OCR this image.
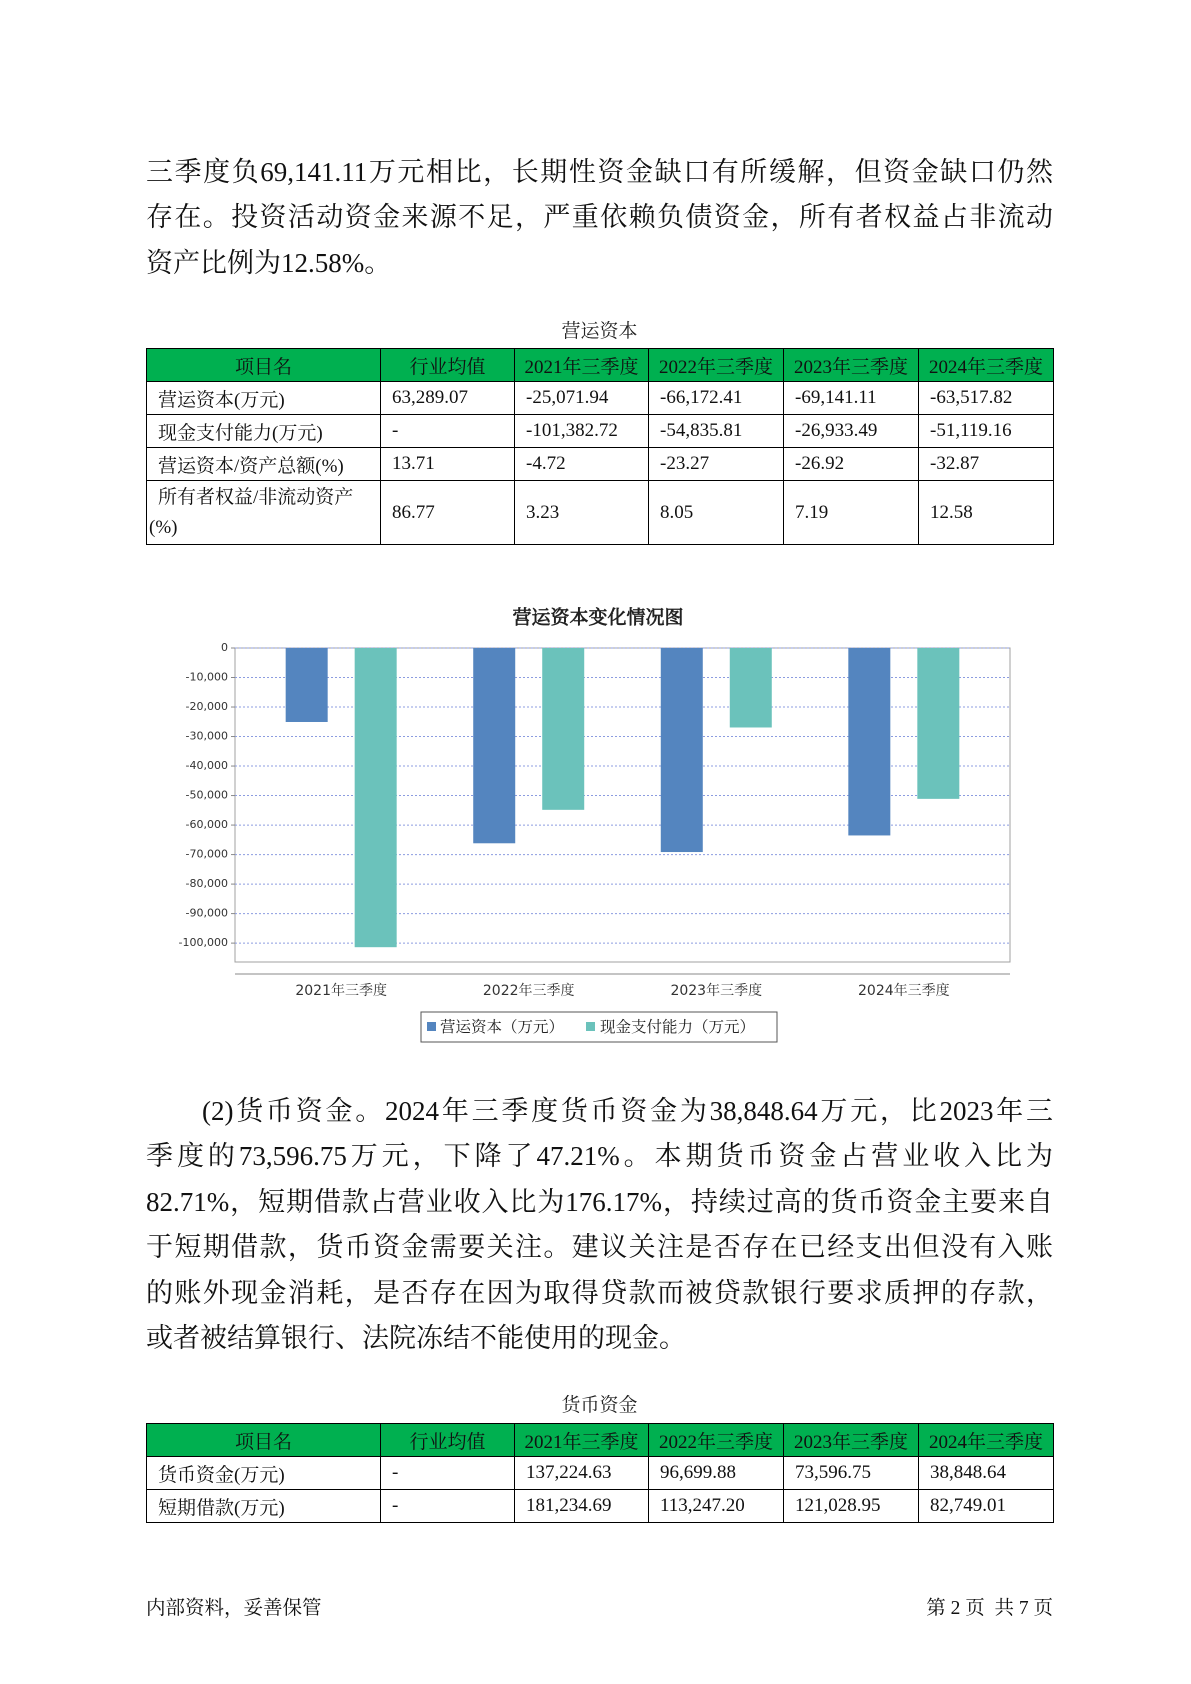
三季度负69,141.11万元相比，长期性资金缺口有所缓解，但资金缺口仍然
存在。投资活动资金来源不足，严重依赖负债资金，所有者权益占非流动
资产比例为12.58%。
营运资本
项目名	行业均值	2021年三季度	2022年三季度	2023年三季度	2024年三季度
营运资本(万元)	63,289.07	-25,071.94	-66,172.41	-69,141.11	-63,517.82
现金支付能力(万元)	-	-101,382.72	-54,835.81	-26,933.49	-51,119.16
营运资本/资产总额(%)	13.71	-4.72	-23.27	-26.92	-32.87
所有者权益/非流动资产
(%)	86.77	3.23	8.05	7.19	12.58
营运资本变化情况图
0
-10,000
-20,000
-30,000
-40,000
-50,000
-60,000
-70,000
-80,000
-90,000
-100,000
2021年三季度	2022年三季度	2023年三季度	2024年三季度
营运资本（万元） 现金支付能力（万元）
(2)货币资金。2024年三季度货币资金为38,848.64万元，比2023年三
季度的73,596.75万元，下降了47.21%。本期货币资金占营业收入比为
82.71%，短期借款占营业收入比为176.17%，持续过高的货币资金主要来自
于短期借款，货币资金需要关注。建议关注是否存在已经支出但没有入账
的账外现金消耗，是否存在因为取得贷款而被贷款银行要求质押的存款，
或者被结算银行、法院冻结不能使用的现金。
货币资金
项目名	行业均值	2021年三季度	2022年三季度	2023年三季度	2024年三季度
货币资金(万元)	-	137,224.63	96,699.88	73,596.75	38,848.64
短期借款(万元)	-	181,234.69	113,247.20	121,028.95	82,749.01
内部资料，妥善保管	第 2 页  共 7 页
